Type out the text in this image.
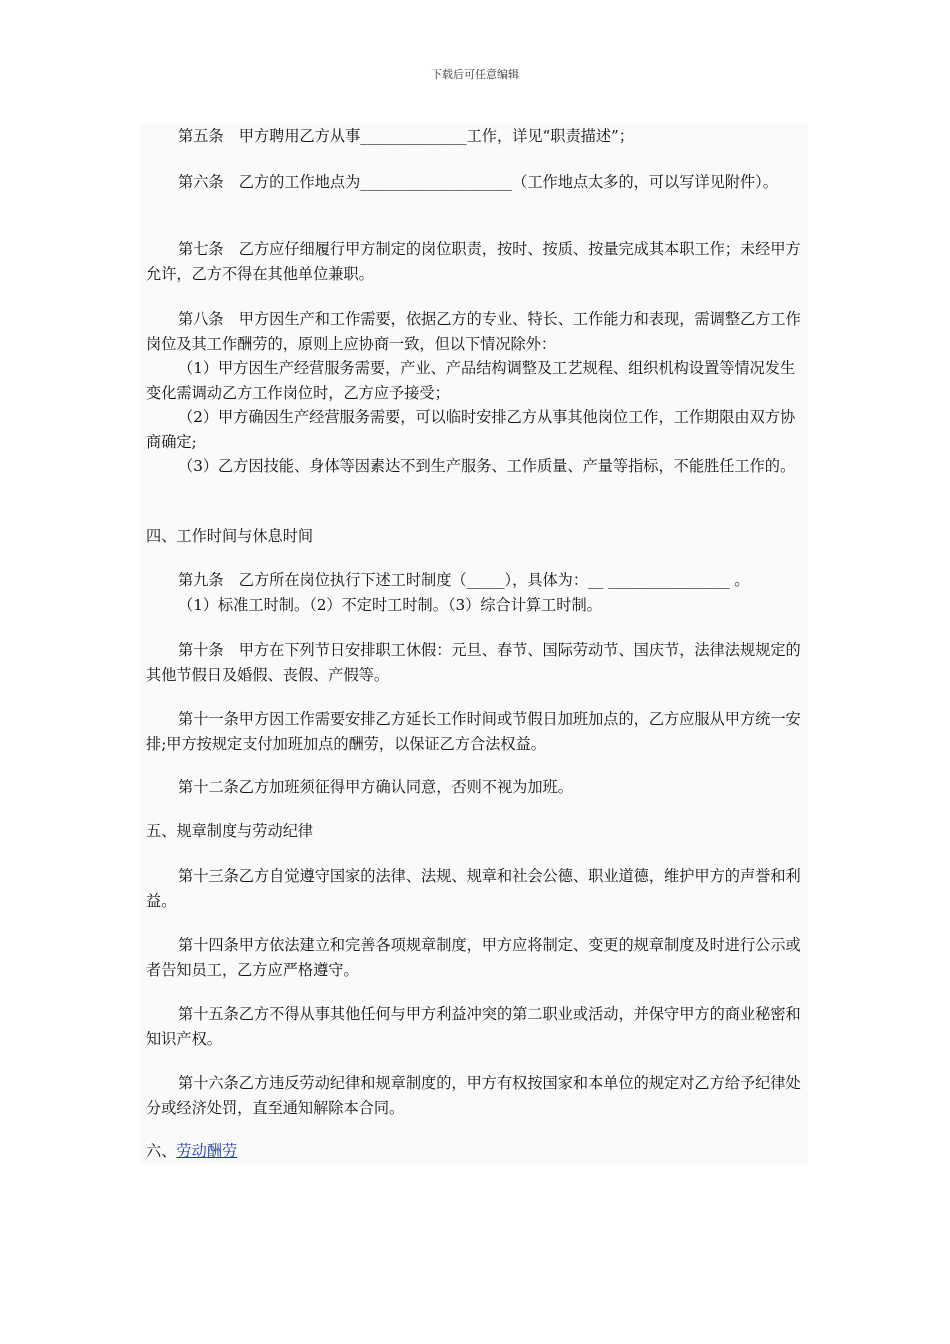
下载后可任意编辑

第五条　甲方聘用乙方从事______________工作，详见“职责描述”；

第六条　乙方的工作地点为____________________（工作地点太多的，可以写详见附件）。

第七条　乙方应仔细履行甲方制定的岗位职责，按时、按质、按量完成其本职工作；未经甲方允许，乙方不得在其他单位兼职。

第八条　甲方因生产和工作需要，依据乙方的专业、特长、工作能力和表现，需调整乙方工作岗位及其工作酬劳的，原则上应协商一致，但以下情况除外：

（1）甲方因生产经营服务需要，产业、产品结构调整及工艺规程、组织机构设置等情况发生变化需调动乙方工作岗位时，乙方应予接受；

（2）甲方确因生产经营服务需要，可以临时安排乙方从事其他岗位工作，工作期限由双方协商确定;

（3）乙方因技能、身体等因素达不到生产服务、工作质量、产量等指标，不能胜任工作的。

四、工作时间与休息时间

第九条　乙方所在岗位执行下述工时制度（_____），具体为：__ ________________ 。

（1）标准工时制。（2）不定时工时制。（3）综合计算工时制。

第十条　甲方在下列节日安排职工休假：元旦、春节、国际劳动节、国庆节，法律法规规定的其他节假日及婚假、丧假、产假等。

第十一条甲方因工作需要安排乙方延长工作时间或节假日加班加点的，乙方应服从甲方统一安排;甲方按规定支付加班加点的酬劳，以保证乙方合法权益。

第十二条乙方加班须征得甲方确认同意，否则不视为加班。

五、规章制度与劳动纪律

第十三条乙方自觉遵守国家的法律、法规、规章和社会公德、职业道德，维护甲方的声誉和利益。

第十四条甲方依法建立和完善各项规章制度，甲方应将制定、变更的规章制度及时进行公示或者告知员工，乙方应严格遵守。

第十五条乙方不得从事其他任何与甲方利益冲突的第二职业或活动，并保守甲方的商业秘密和知识产权。

第十六条乙方违反劳动纪律和规章制度的，甲方有权按国家和本单位的规定对乙方给予纪律处分或经济处罚，直至通知解除本合同。

六、劳动酬劳
